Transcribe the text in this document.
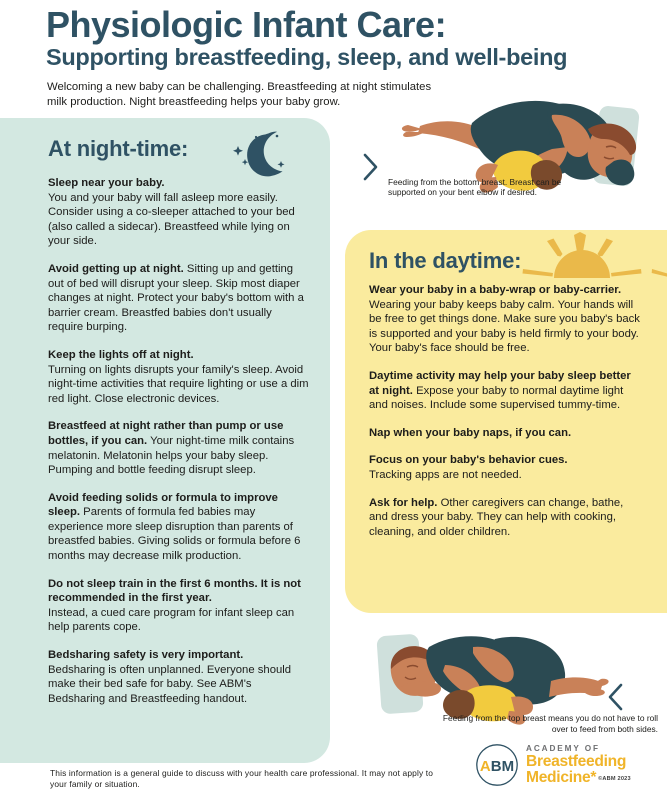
Physiologic Infant Care:
Supporting breastfeeding, sleep, and well-being
Welcoming a new baby can be challenging. Breastfeeding at night stimulates milk production. Night breastfeeding helps your baby grow.
At night-time:

Sleep near your baby.
You and your baby will fall asleep more easily. Consider using a co-sleeper attached to your bed (also called a sidecar). Breastfeed while lying on your side.

Avoid getting up at night. Sitting up and getting out of bed will disrupt your sleep. Skip most diaper changes at night. Protect your baby's bottom with a barrier cream. Breastfed babies don't usually require burping.

Keep the lights off at night.
Turning on lights disrupts your family's sleep. Avoid night-time activities that require lighting or use a dim red light. Close electronic devices.

Breastfeed at night rather than pump or use bottles, if you can. Your night-time milk contains melatonin. Melatonin helps your baby sleep. Pumping and bottle feeding disrupt sleep.

Avoid feeding solids or formula to improve sleep. Parents of formula fed babies may experience more sleep disruption than parents of breastfed babies. Giving solids or formula before 6 months may decrease milk production.

Do not sleep train in the first 6 months. It is not recommended in the first year.
Instead, a cued care program for infant sleep can help parents cope.

Bedsharing safety is very important.
Bedsharing is often unplanned. Everyone should make their bed safe for baby. See ABM's Bedsharing and Breastfeeding handout.

In the daytime:

Wear your baby in a baby-wrap or baby-carrier. Wearing your baby keeps baby calm. Your hands will be free to get things done. Make sure you baby's back is supported and your baby is held firmly to your body. Your baby's face should be free.

Daytime activity may help your baby sleep better at night. Expose your baby to normal daytime light and noises. Include some supervised tummy-time.

Nap when your baby naps, if you can.

Focus on your baby's behavior cues.
Tracking apps are not needed.

Ask for help. Other caregivers can change, bathe, and dress your baby. They can help with cooking, cleaning, and older children.

Feeding from the bottom breast. Breast can be supported on your bent elbow if desired.
Feeding from the top breast means you do not have to roll over to feed from both sides.
This information is a general guide to discuss with your health care professional. It may not apply to your family or situation.
ABM
ACADEMY OF
Breastfeeding
Medicine* ©ABM 2023
